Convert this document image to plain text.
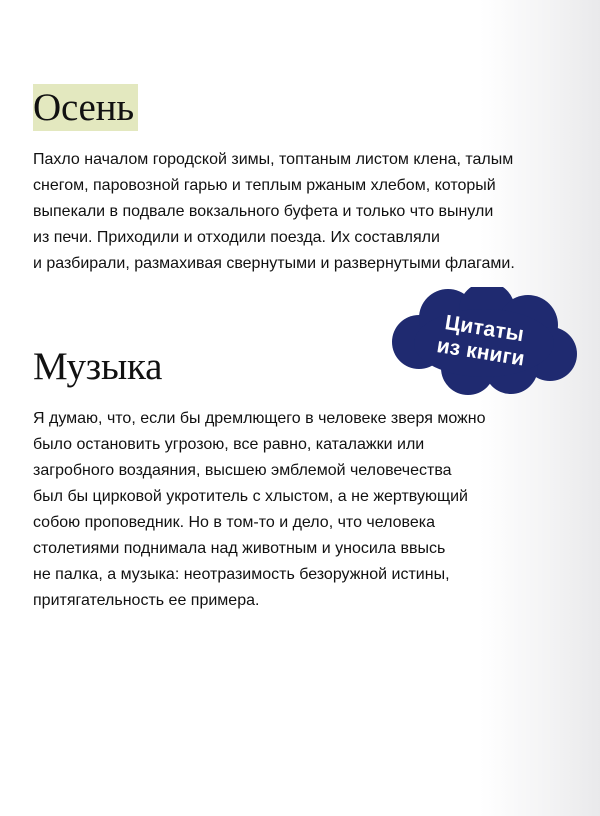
Осень

Пахло началом городской зимы, топтаным листом клена, талым
снегом, паровозной гарью и теплым ржаным хлебом, который
выпекали в подвале вокзального буфета и только что вынули
из печи. Приходили и отходили поезда. Их составляли
и разбирали, размахивая свернутыми и развернутыми флагами.

Цитаты
из книги
Музыка

Я думаю, что, если бы дремлющего в человеке зверя можно
было остановить угрозою, все равно, каталажки или
загробного воздаяния, высшею эмблемой человечества
был бы цирковой укротитель с хлыстом, а не жертвующий
собою проповедник. Но в том-то и дело, что человека
столетиями поднимала над животным и уносила ввысь
не палка, а музыка: неотразимость безоружной истины,
притягательность ее примера.
